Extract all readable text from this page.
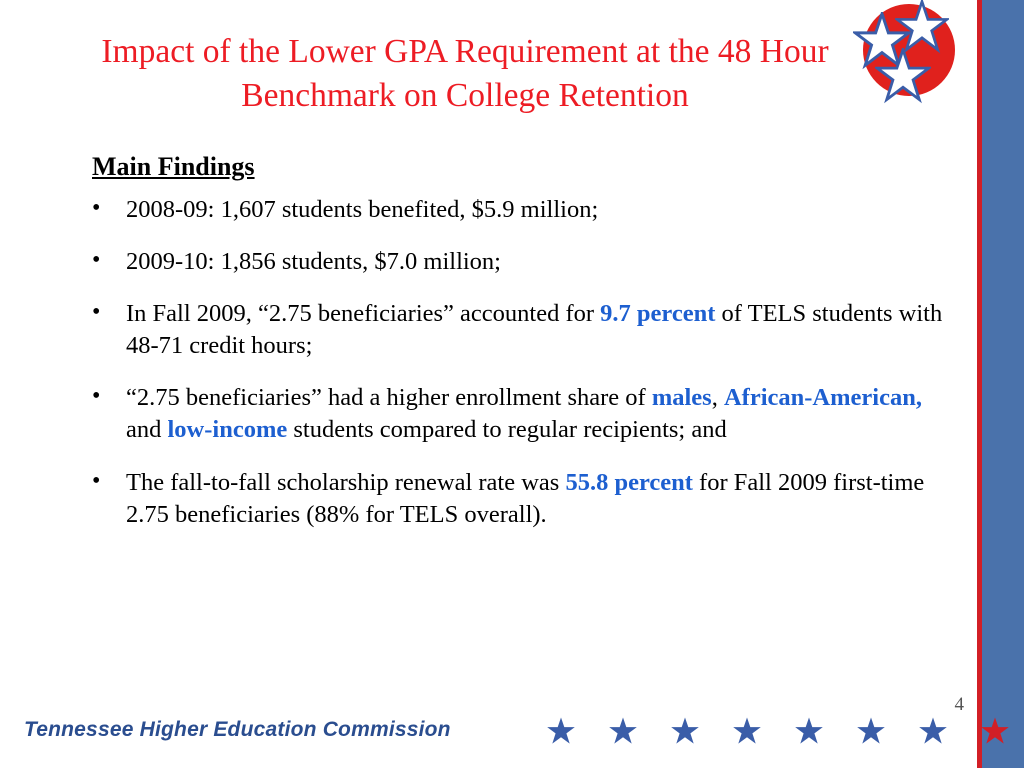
Impact of the Lower GPA Requirement at the 48 Hour Benchmark on College Retention
Main Findings
• 2008-09: 1,607 students benefited, $5.9 million;
• 2009-10: 1,856 students, $7.0 million;
• In Fall 2009, “2.75 beneficiaries” accounted for 9.7 percent of TELS students with 48-71 credit hours;
• “2.75 beneficiaries” had a higher enrollment share of males, African-American, and low-income students compared to regular recipients; and
• The fall-to-fall scholarship renewal rate was 55.8 percent for Fall 2009 first-time 2.75 beneficiaries (88% for TELS overall).
4
Tennessee Higher Education Commission
